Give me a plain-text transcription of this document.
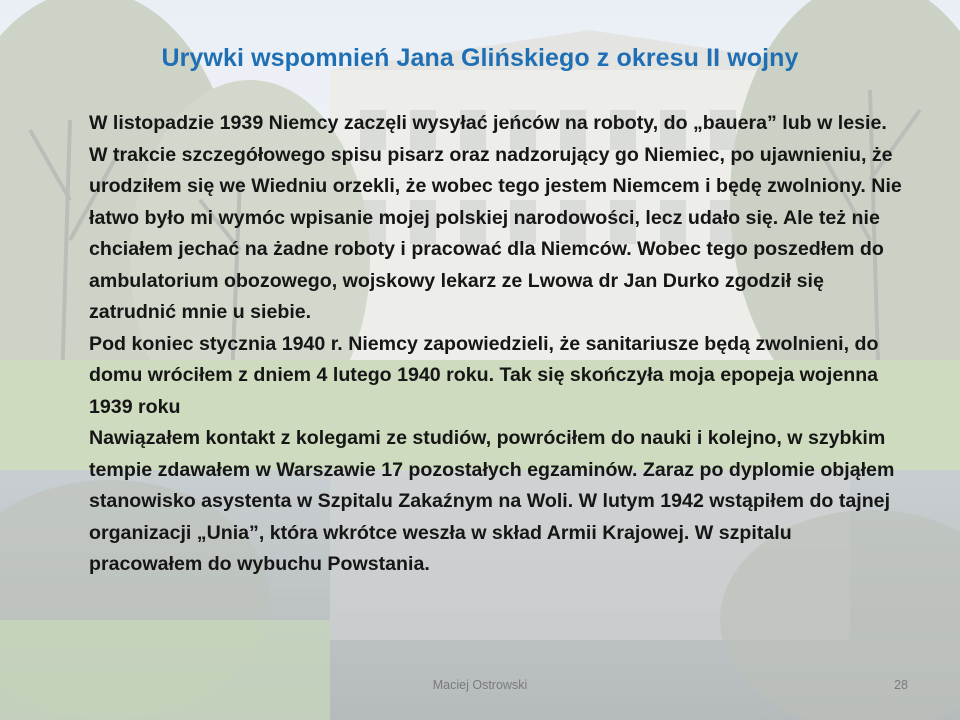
Urywki wspomnień Jana Glińskiego z okresu II wojny

W listopadzie 1939 Niemcy zaczęli wysyłać jeńców na roboty, do „bauera” lub w lesie. W trakcie szczegółowego spisu pisarz oraz nadzorujący go Niemiec, po ujawnieniu, że urodziłem się we Wiedniu orzekli, że wobec tego jestem Niemcem i będę zwolniony. Nie łatwo było mi wymóc wpisanie mojej polskiej narodowości, lecz udało się. Ale też nie chciałem jechać na żadne roboty i pracować dla Niemców. Wobec tego poszedłem do ambulatorium obozowego, wojskowy lekarz ze Lwowa dr Jan Durko zgodził się zatrudnić mnie u siebie.

Pod koniec stycznia 1940 r. Niemcy zapowiedzieli, że sanitariusze będą zwolnieni, do domu wróciłem z dniem 4 lutego 1940 roku. Tak się skończyła moja epopeja wojenna 1939 roku

Nawiązałem kontakt z kolegami ze studiów, powróciłem do nauki i kolejno, w szybkim tempie zdawałem w Warszawie 17 pozostałych egzaminów. Zaraz po dyplomie objąłem stanowisko asystenta w Szpitalu Zakaźnym na Woli. W lutym 1942 wstąpiłem do tajnej organizacji „Unia”, która wkrótce weszła w skład Armii Krajowej. W szpitalu pracowałem do wybuchu Powstania.

Maciej Ostrowski	28
